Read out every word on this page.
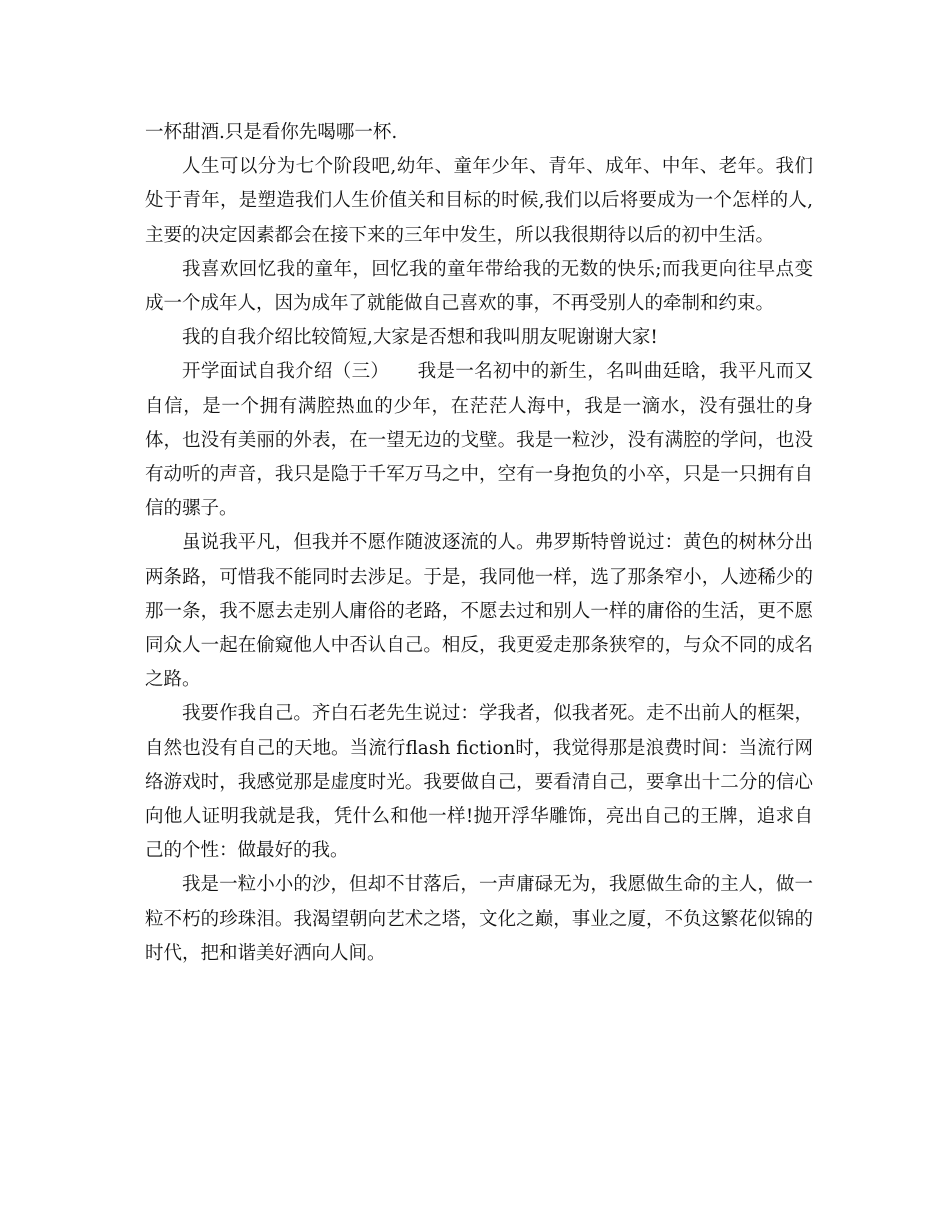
一杯甜酒.只是看你先喝哪一杯.

人生可以分为七个阶段吧,幼年、童年少年、青年、成年、中年、老年。我们处于青年，是塑造我们人生价值关和目标的时候,我们以后将要成为一个怎样的人, 主要的决定因素都会在接下来的三年中发生，所以我很期待以后的初中生活。

我喜欢回忆我的童年，回忆我的童年带给我的无数的快乐;而我更向往早点变成一个成年人，因为成年了就能做自己喜欢的事，不再受别人的牵制和约束。

我的自我介绍比较简短,大家是否想和我叫朋友呢谢谢大家!

开学面试自我介绍（三）　　我是一名初中的新生，名叫曲廷晗，我平凡而又自信，是一个拥有满腔热血的少年，在茫茫人海中，我是一滴水，没有强壮的身体，也没有美丽的外表，在一望无边的戈壁。我是一粒沙，没有满腔的学问，也没有动听的声音，我只是隐于千军万马之中，空有一身抱负的小卒，只是一只拥有自信的骡子。

虽说我平凡，但我并不愿作随波逐流的人。弗罗斯特曾说过：黄色的树林分出两条路，可惜我不能同时去涉足。于是，我同他一样，选了那条窄小，人迹稀少的那一条，我不愿去走别人庸俗的老路，不愿去过和别人一样的庸俗的生活，更不愿同众人一起在偷窥他人中否认自己。相反，我更爱走那条狭窄的，与众不同的成名之路。

我要作我自己。齐白石老先生说过：学我者，似我者死。走不出前人的框架，自然也没有自己的天地。当流行flash fiction时，我觉得那是浪费时间：当流行网络游戏时，我感觉那是虚度时光。我要做自己，要看清自己，要拿出十二分的信心向他人证明我就是我，凭什么和他一样!抛开浮华雕饰，亮出自己的王牌，追求自己的个性：做最好的我。

我是一粒小小的沙，但却不甘落后，一声庸碌无为，我愿做生命的主人，做一粒不朽的珍珠泪。我渴望朝向艺术之塔，文化之巅，事业之厦，不负这繁花似锦的时代，把和谐美好洒向人间。
